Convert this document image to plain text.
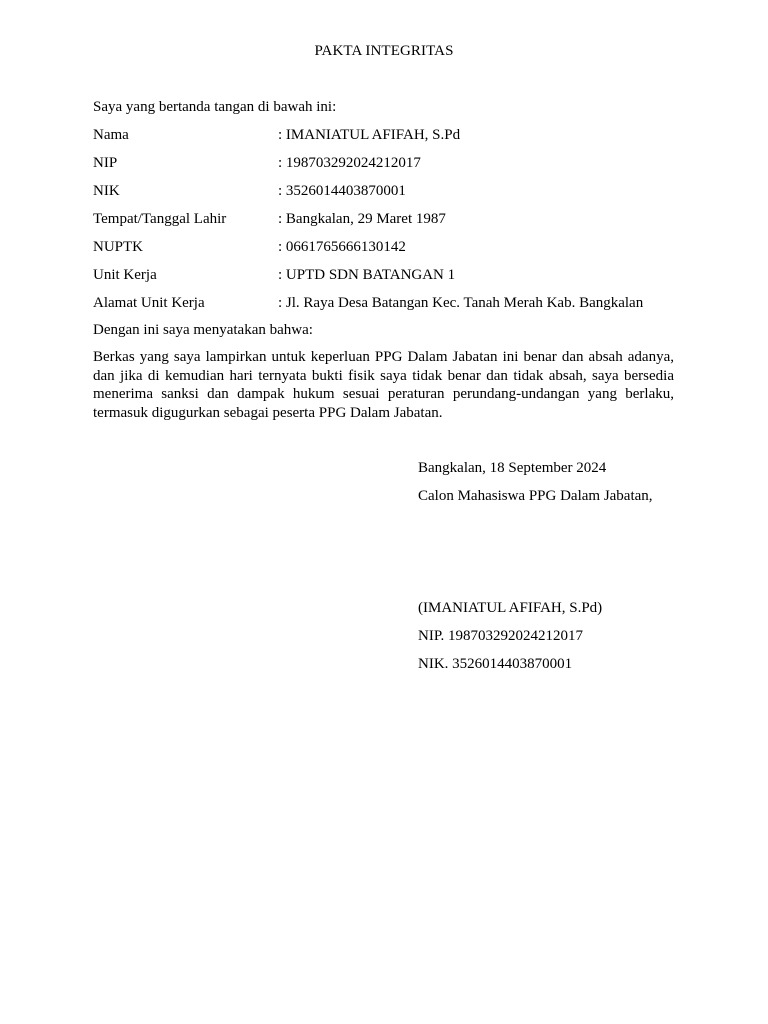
PAKTA INTEGRITAS
Saya yang bertanda tangan di bawah ini:
Nama	: IMANIATUL AFIFAH, S.Pd
NIP	: 198703292024212017
NIK	: 3526014403870001
Tempat/Tanggal Lahir	: Bangkalan, 29 Maret 1987
NUPTK	: 0661765666130142
Unit Kerja	: UPTD SDN BATANGAN 1
Alamat Unit Kerja	: Jl. Raya Desa Batangan Kec. Tanah Merah Kab. Bangkalan
Dengan ini saya menyatakan bahwa:
Berkas yang saya lampirkan untuk keperluan PPG Dalam Jabatan ini benar dan absah adanya, dan jika di kemudian hari ternyata bukti fisik saya tidak benar dan tidak absah, saya bersedia menerima sanksi dan dampak hukum sesuai peraturan perundang-undangan yang berlaku, termasuk digugurkan sebagai peserta PPG Dalam Jabatan.
Bangkalan, 18 September 2024
Calon Mahasiswa PPG Dalam Jabatan,
(IMANIATUL AFIFAH, S.Pd)
NIP. 198703292024212017
NIK. 3526014403870001
